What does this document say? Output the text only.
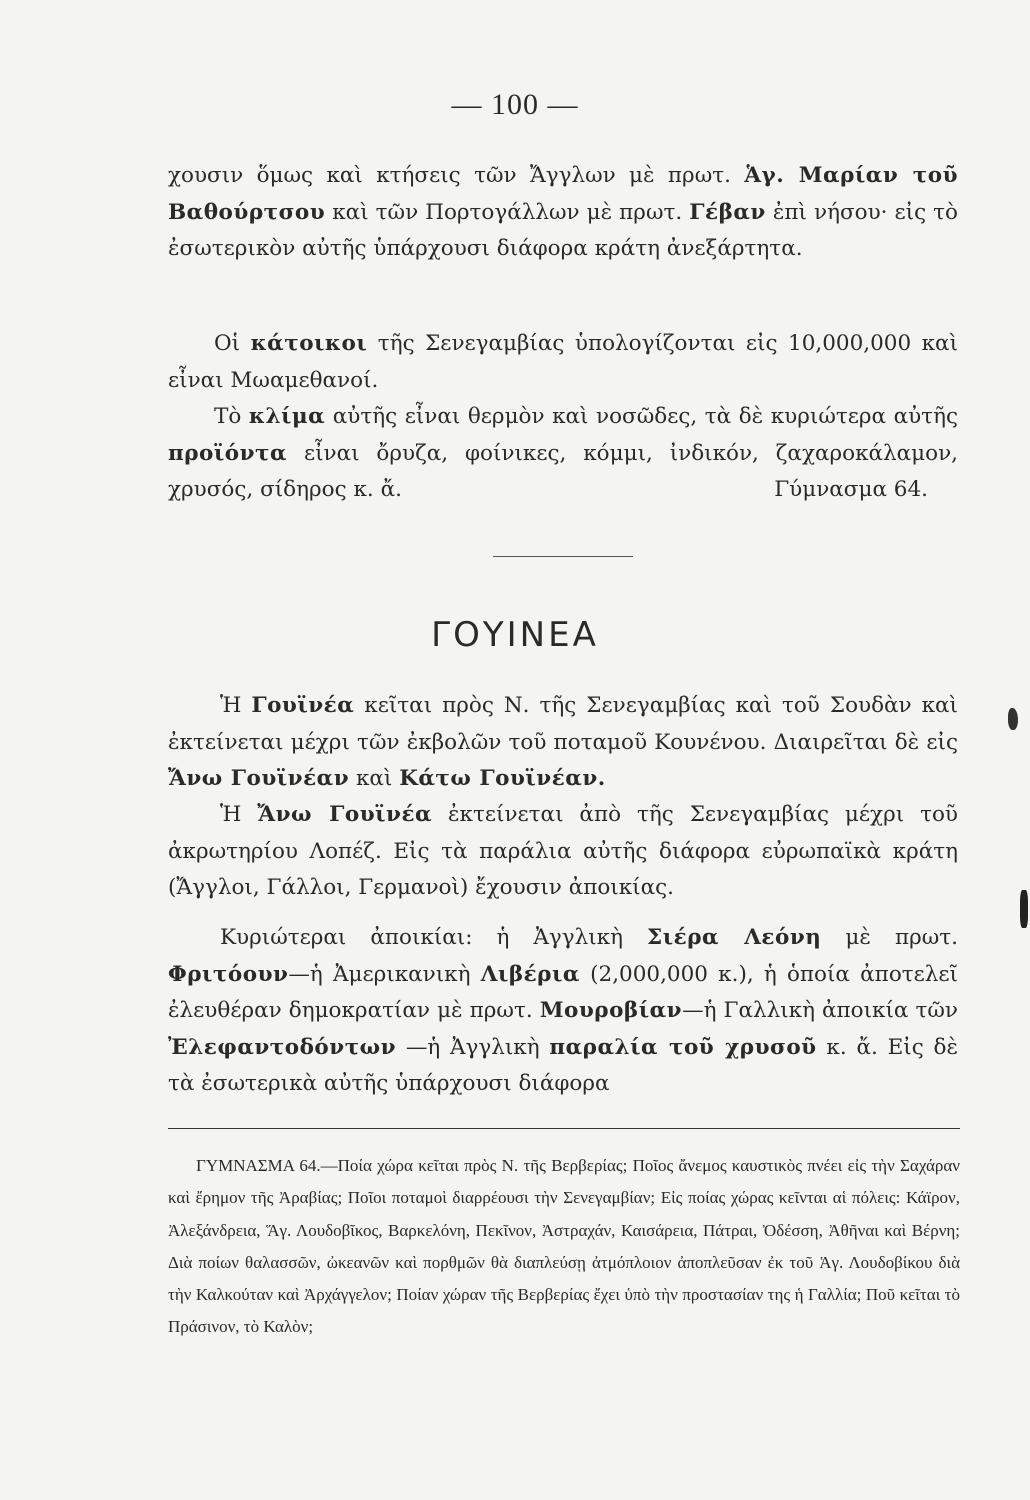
— 100 —
χουσιν ὅμως καὶ κτήσεις τῶν Ἄγγλων μὲ πρωτ. Ἁγ. Μαρίαν τοῦ Βαθούρτσου καὶ τῶν Πορτογάλλων μὲ πρωτ. Γέβαν ἐπὶ νήσου· εἰς τὸ ἐσωτερικὸν αὐτῆς ὑπάρχουσι διάφορα κράτη ἀνεξάρτητα.
Οἱ κάτοικοι τῆς Σενεγαμβίας ὑπολογίζονται εἰς 10,000,000 καὶ εἶναι Μωαμεθανοί.
Τὸ κλίμα αὐτῆς εἶναι θερμὸν καὶ νοσῶδες, τὰ δὲ κυριώτερα αὐτῆς προϊόντα εἶναι ὄρυζα, φοίνικες, κόμμι, ἰνδικόν, ζαχαροκάλαμον, χρυσός, σίδηρος κ. ἄ.	Γύμνασμα 64.
ΓΟΥΙΝΕΑ
Ἡ Γουϊνέα κεῖται πρὸς Ν. τῆς Σενεγαμβίας καὶ τοῦ Σουδὰν καὶ ἐκτείνεται μέχρι τῶν ἐκβολῶν τοῦ ποταμοῦ Κουνένου. Διαιρεῖται δὲ εἰς Ἄνω Γουϊνέαν καὶ Κάτω Γουϊνέαν.
Ἡ Ἄνω Γουϊνέα ἐκτείνεται ἀπὸ τῆς Σενεγαμβίας μέχρι τοῦ ἀκρωτηρίου Λοπέζ. Εἰς τὰ παράλια αὐτῆς διάφορα εὐρωπαϊκὰ κράτη (Ἄγγλοι, Γάλλοι, Γερμανοὶ) ἔχουσιν ἀποικίας.
Κυριώτεραι ἀποικίαι: ἡ Ἀγγλικὴ Σιέρα Λεόνη μὲ πρωτ. Φριτόουν—ἡ Ἀμερικανικὴ Λιβέρια (2,000,000 κ.), ἡ ὁποία ἀποτελεῖ ἐλευθέραν δημοκρατίαν μὲ πρωτ. Μουροβίαν—ἡ Γαλλικὴ ἀποικία τῶν Ἐλεφαντοδόντων —ἡ Ἀγγλικὴ παραλία τοῦ χρυσοῦ κ. ἄ. Εἰς δὲ τὰ ἐσωτερικὰ αὐτῆς ὑπάρχουσι διάφορα
ΓΥΜΝΑΣΜΑ 64.—Ποία χώρα κεῖται πρὸς Ν. τῆς Βερβερίας; Ποῖος ἄνεμος καυστικὸς πνέει εἰς τὴν Σαχάραν καὶ ἔρημον τῆς Ἀραβίας; Ποῖοι ποταμοὶ διαρρέουσι τὴν Σενεγαμβίαν; Εἰς ποίας χώρας κεῖνται αἱ πόλεις: Κάϊρον, Ἀλεξάνδρεια, Ἅγ. Λουδοβῖκος, Βαρκελόνη, Πεκῖνον, Ἀστραχάν, Καισάρεια, Πάτραι, Ὀδέσση, Ἀθῆναι καὶ Βέρνη; Διὰ ποίων θαλασσῶν, ὠκεανῶν καὶ πορθμῶν θὰ διαπλεύσῃ ἀτμόπλοιον ἀποπλεῦσαν ἐκ τοῦ Ἁγ. Λουδοβίκου διὰ τὴν Καλκούταν καὶ Ἀρχάγγελον; Ποίαν χώραν τῆς Βερβερίας ἔχει ὑπὸ τὴν προστασίαν της ἡ Γαλλία; Ποῦ κεῖται τὸ Πράσινον, τὸ Καλὸν;
